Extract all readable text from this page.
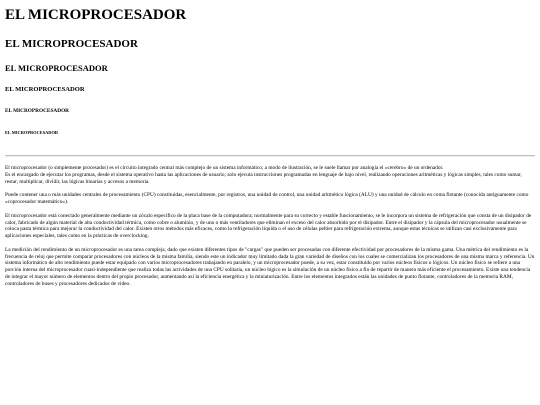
EL MICROPROCESADOR
EL MICROPROCESADOR
EL MICROPROCESADOR
EL MICROPROCESADOR
EL MICROPROCESADOR
EL MICROPROCESADOR

El microprocesador (o simplemente procesador) es el circuito integrado central más complejo de un sistema informático; a modo de ilustración, se le suele llamar por analogía el «cerebro» de un ordenador.

Es el encargado de ejecutar los programas, desde el sistema operativo hasta las aplicaciones de usuario; solo ejecuta instrucciones programadas en lenguaje de bajo nivel, realizando operaciones aritméticas y lógicas simples, tales como sumar, restar, multiplicar, dividir, las lógicas binarias y accesos a memoria.

Puede contener una o más unidades centrales de procesamiento (CPU) constituidas, esencialmente, por registros, una unidad de control, una unidad aritmético lógica (ALU) y una unidad de cálculo en coma flotante (conocida antiguamente como «coprocesador matemático»).

El microprocesador está conectado generalmente mediante un zócalo específico de la placa base de la computadora; normalmente para su correcto y estable funcionamiento, se le incorpora un sistema de refrigeración que consta de un disipador de calor, fabricado de algún material de alta conductividad térmica, como cobre o aluminio, y de uno o más ventiladores que eliminan el exceso del calor absorbido por el disipador. Entre el disipador y la cápsula del microprocesador usualmente se coloca pasta térmica para mejorar la conductividad del calor. Existen otros métodos más eficaces, como la refrigeración líquida o el uso de células peltier para refrigeración extrema, aunque estas técnicas se utilizan casi exclusivamente para aplicaciones especiales, tales como en la prácticas de overclocking.

La medición del rendimiento de un microprocesador es una tarea compleja, dado que existen diferentes tipos de "cargas" que pueden ser procesadas con diferente efectividad por procesadores de la misma gama. Una métrica del rendimiento es la frecuencia de reloj que permite comparar procesadores con núcleos de la misma familia, siendo este un indicador muy limitado dada la gran variedad de diseños con los cuales se comercializan los procesadores de una misma marca y referencia. Un sistema informático de alto rendimiento puede estar equipado con varios microprocesadores trabajando en paralelo, y un microprocesador puede, a su vez, estar constituido por varios núcleos físicos o lógicos. Un núcleo físico se refiere a una porción interna del microprocesador cuasi-independiente que realiza todas las actividades de una CPU solitaria, un núcleo lógico es la simulación de un núcleo físico a fin de repartir de manera más eficiente el procesamiento. Existe una tendencia de integrar el mayor número de elementos dentro del propio procesador, aumentando así la eficiencia energética y la miniaturización. Entre los elementos integrados están las unidades de punto flotante, controladores de la memoria RAM, controladores de buses y procesadores dedicados de video.
